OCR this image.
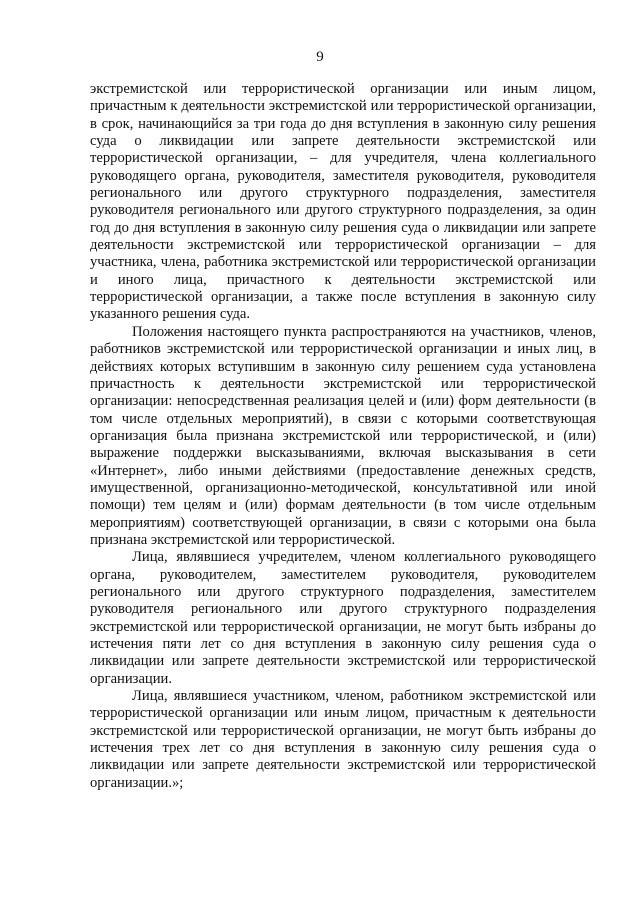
9

экстремистской или террористической организации или иным лицом, причастным к деятельности экстремистской или террористической организации, в срок, начинающийся за три года до дня вступления в законную силу решения суда о ликвидации или запрете деятельности экстремистской или террористической организации, – для учредителя, члена коллегиального руководящего органа, руководителя, заместителя руководителя, руководителя регионального или другого структурного подразделения, заместителя руководителя регионального или другого структурного подразделения, за один год до дня вступления в законную силу решения суда о ликвидации или запрете деятельности экстремистской или террористической организации – для участника, члена, работника экстремистской или террористической организации и иного лица, причастного к деятельности экстремистской или террористической организации, а также после вступления в законную силу указанного решения суда.

Положения настоящего пункта распространяются на участников, членов, работников экстремистской или террористической организации и иных лиц, в действиях которых вступившим в законную силу решением суда установлена причастность к деятельности экстремистской или террористической организации: непосредственная реализация целей и (или) форм деятельности (в том числе отдельных мероприятий), в связи с которыми соответствующая организация была признана экстремистской или террористической, и (или) выражение поддержки высказываниями, включая высказывания в сети «Интернет», либо иными действиями (предоставление денежных средств, имущественной, организационно-методической, консультативной или иной помощи) тем целям и (или) формам деятельности (в том числе отдельным мероприятиям) соответствующей организации, в связи с которыми она была признана экстремистской или террористической.

Лица, являвшиеся учредителем, членом коллегиального руководящего органа, руководителем, заместителем руководителя, руководителем регионального или другого структурного подразделения, заместителем руководителя регионального или другого структурного подразделения экстремистской или террористической организации, не могут быть избраны до истечения пяти лет со дня вступления в законную силу решения суда о ликвидации или запрете деятельности экстремистской или террористической организации.

Лица, являвшиеся участником, членом, работником экстремистской или террористической организации или иным лицом, причастным к деятельности экстремистской или террористической организации, не могут быть избраны до истечения трех лет со дня вступления в законную силу решения суда о ликвидации или запрете деятельности экстремистской или террористической организации.»;
